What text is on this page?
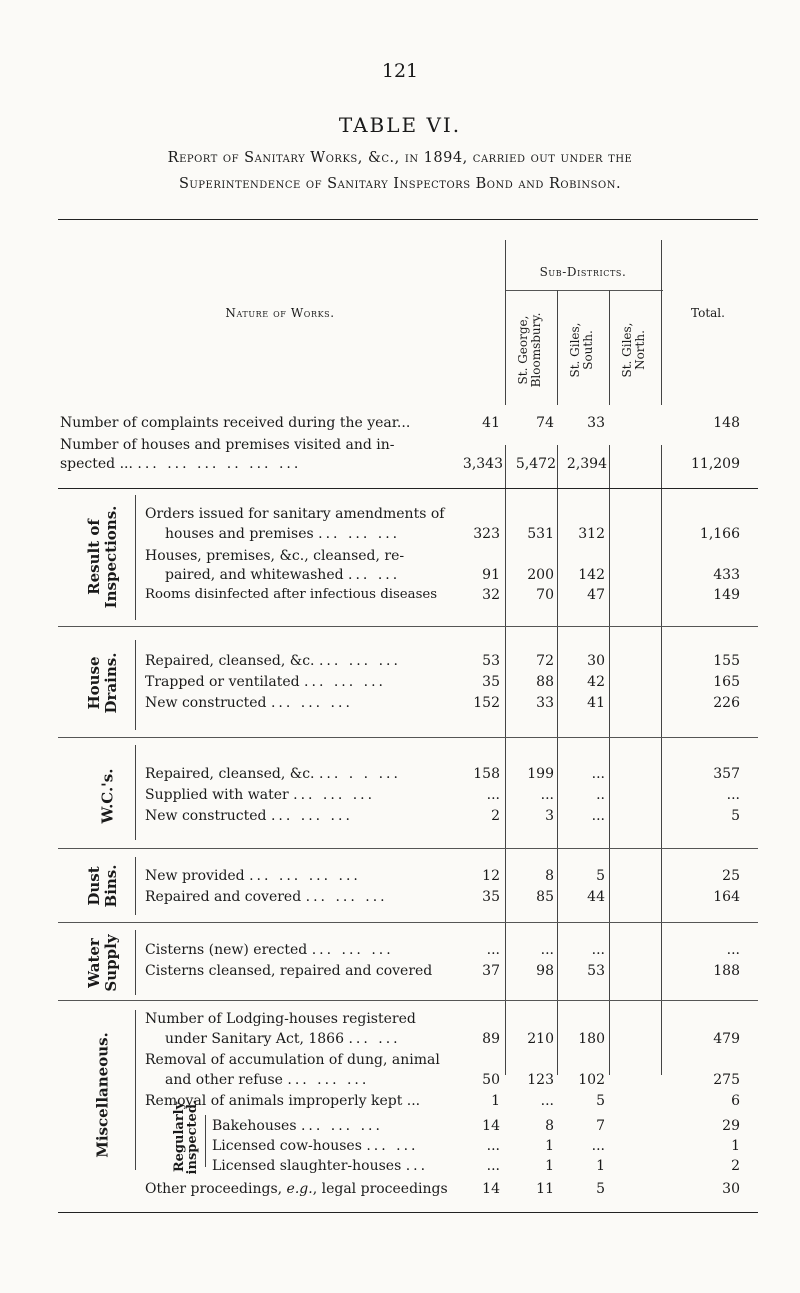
121
TABLE VI.
Report of Sanitary Works, &c., in 1894, carried out under the
Superintendence of Sanitary Inspectors Bond and Robinson.
Nature of Works.
Sub-Districts.
St. George, Bloomsbury. St. Giles, South. St. Giles, North.
Total.
Number of complaints received during the year...	41	74	33	148
Number of houses and premises visited and in-
spected ... ... ... ... .. ... ...	3,343 5,472 2,394	11,209
Result of Inspections. Orders issued for sanitary amendments of
houses and premises ... ... ...	323	531	312	1,166
Houses, premises, &c., cleansed, re-
paired, and whitewashed ... ...	91	200	142	433
Rooms disinfected after infectious diseases	32	70	47	149
House Drains. Repaired, cleansed, &c. ... ... ...	53	72	30	155
Trapped or ventilated ... ... ...	35	88	42	165
New constructed ... ... ...	152	33	41	226
W.C.'s. Repaired, cleansed, &c. ... . . ...	158	199	...	357
Supplied with water ... ... ...	...	...	..	...
New constructed ... ... ...	2	3	...	5
Dust Bins. New provided ... ... ... ...	12	8	5	25
Repaired and covered ... ... ...	35	85	44	164
Water Supply Cisterns (new) erected ... ... ...	...	...	...	...
Cisterns cleansed, repaired and covered	37	98	53	188
Miscellaneous.
Number of Lodging-houses registered
under Sanitary Act, 1866 ... ...	89	210	180	479
Removal of accumulation of dung, animal
and other refuse ... ... ...	50	123	102	275
Removal of animals improperly kept ...	1	...	5	6
Regularly
inspected. Bakehouses ... ... ...	14	8	7	29
Licensed cow-houses ... ...	...	1	...	1
Licensed slaughter-houses ...	...	1	1	2
Other proceedings, e.g., legal proceedings	14	11	5	30
